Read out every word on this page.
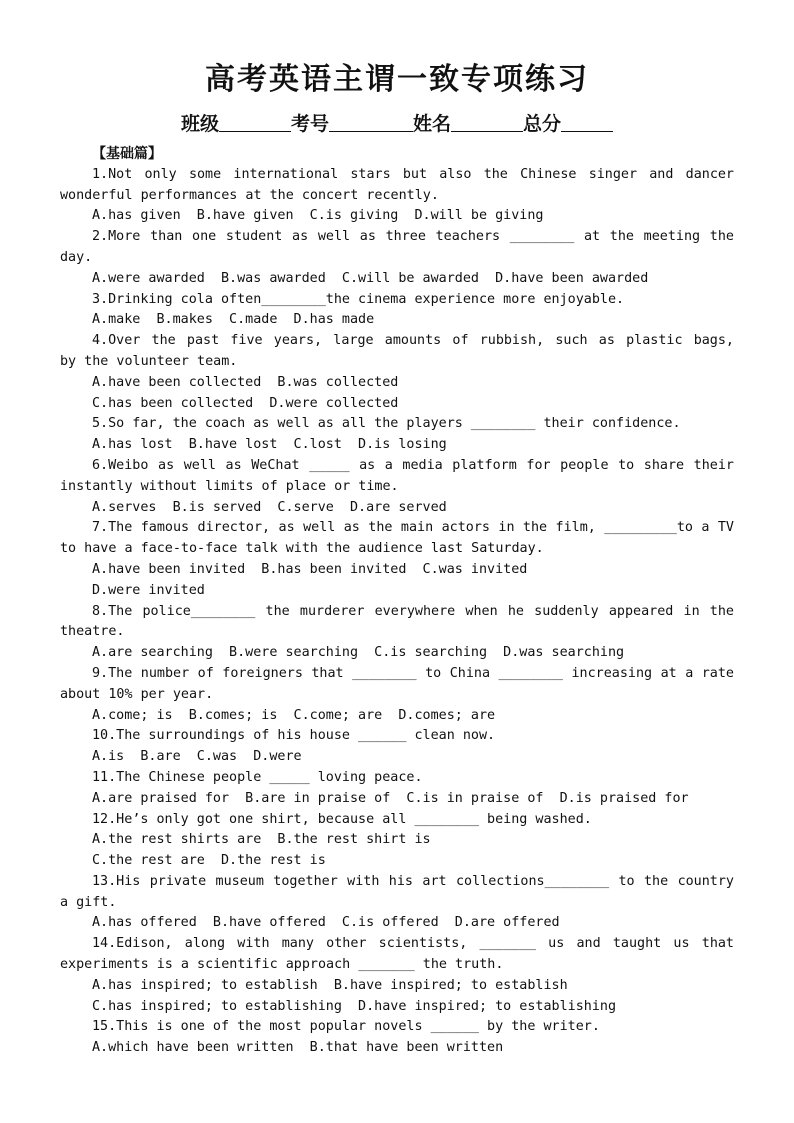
高考英语主谓一致专项练习
班级	考号	姓名	总分
【基础篇】
1.Not only some international stars but also the Chinese singer and dancer
wonderful performances at the concert recently.
A.has given  B.have given  C.is giving  D.will be giving
2.More than one student as well as three teachers ________ at the meeting the
day.
A.were awarded  B.was awarded  C.will be awarded  D.have been awarded
3.Drinking cola often________the cinema experience more enjoyable.
A.make  B.makes  C.made  D.has made
4.Over the past five years, large amounts of rubbish, such as plastic bags,
by the volunteer team.
A.have been collected  B.was collected
C.has been collected  D.were collected
5.So far, the coach as well as all the players ________ their confidence.
A.has lost  B.have lost  C.lost  D.is losing
6.Weibo as well as WeChat _____ as a media platform for people to share their
instantly without limits of place or time.
A.serves  B.is served  C.serve  D.are served
7.The famous director, as well as the main actors in the film, _________to a TV
to have a face-to-face talk with the audience last Saturday.
A.have been invited  B.has been invited  C.was invited
D.were invited
8.The police________ the murderer everywhere when he suddenly appeared in the
theatre.
A.are searching  B.were searching  C.is searching  D.was searching
9.The number of foreigners that ________ to China ________ increasing at a rate
about 10% per year.
A.come; is  B.comes; is  C.come; are  D.comes; are
10.The surroundings of his house ______ clean now.
A.is  B.are  C.was  D.were
11.The Chinese people _____ loving peace.
A.are praised for  B.are in praise of  C.is in praise of  D.is praised for
12.He’s only got one shirt, because all ________ being washed.
A.the rest shirts are  B.the rest shirt is
C.the rest are  D.the rest is
13.His private museum together with his art collections________ to the country
a gift.
A.has offered  B.have offered  C.is offered  D.are offered
14.Edison, along with many other scientists, _______ us and taught us that
experiments is a scientific approach _______ the truth.
A.has inspired; to establish  B.have inspired; to establish
C.has inspired; to establishing  D.have inspired; to establishing
15.This is one of the most popular novels ______ by the writer.
A.which have been written  B.that have been written
